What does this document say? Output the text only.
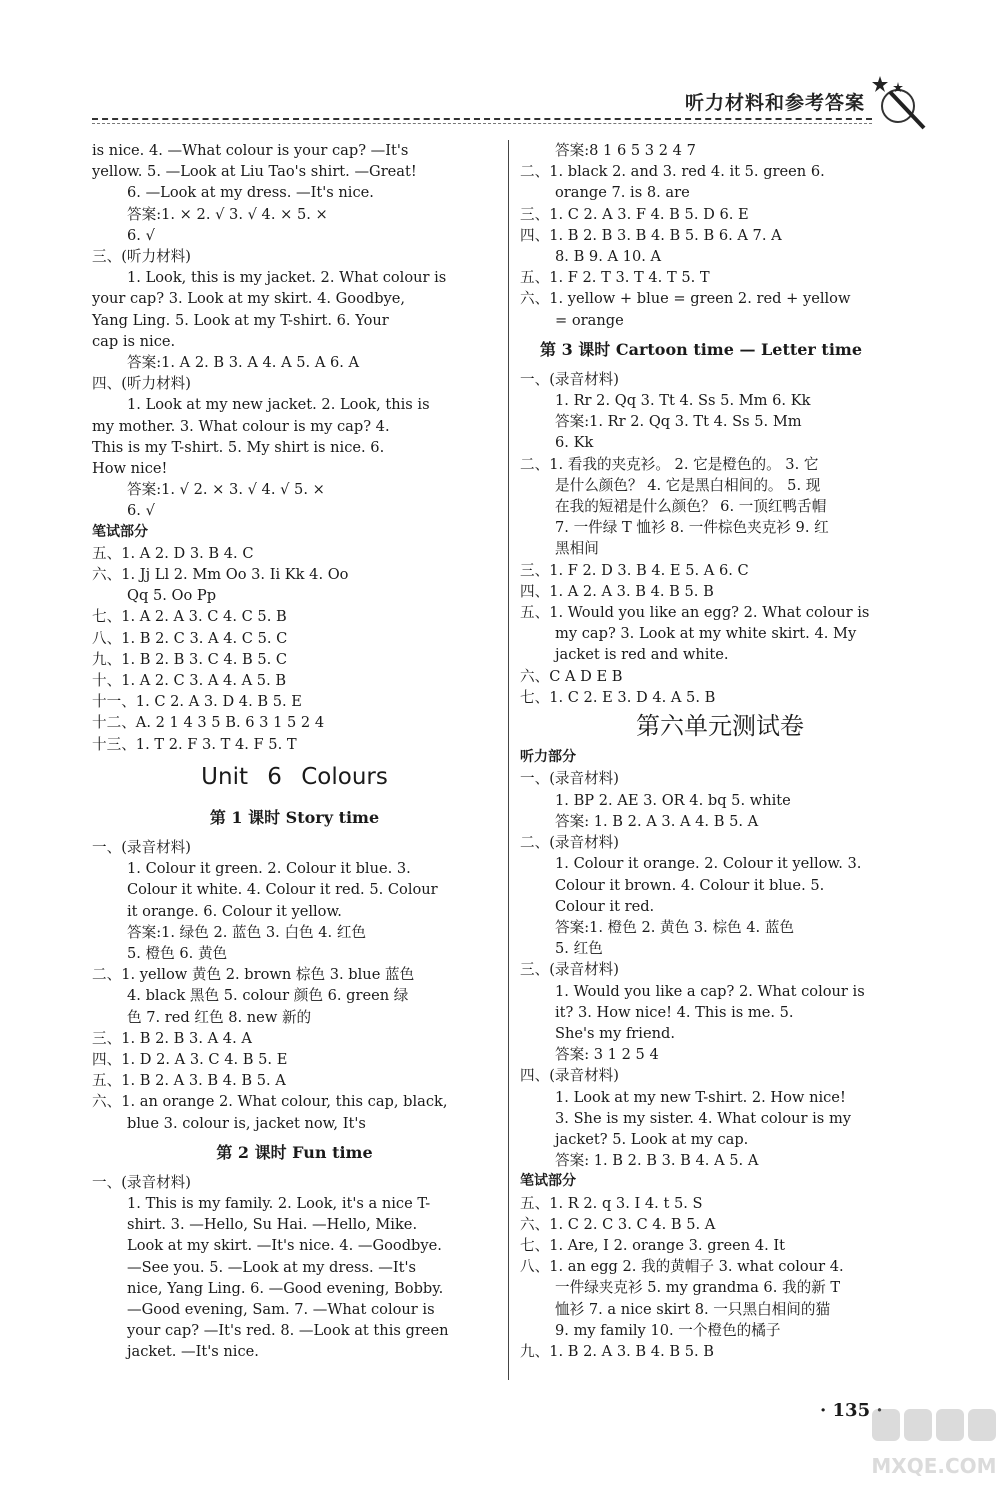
听力材料和参考答案
is nice. 4. —What colour is your cap? —It's
yellow. 5. —Look at Liu Tao's shirt. —Great!
6. —Look at my dress. —It's nice.
答案:1. × 2. √ 3. √ 4. × 5. ×
6. √
三、(听力材料)
1. Look, this is my jacket. 2. What colour is
your cap? 3. Look at my skirt. 4. Goodbye,
Yang Ling. 5. Look at my T-shirt. 6. Your
cap is nice.
答案:1. A 2. B 3. A 4. A 5. A 6. A
四、(听力材料)
1. Look at my new jacket. 2. Look, this is
my mother. 3. What colour is my cap? 4.
This is my T-shirt. 5. My shirt is nice. 6.
How nice!
答案:1. √ 2. × 3. √ 4. √ 5. ×
6. √
笔试部分
五、1. A 2. D 3. B 4. C
六、1. Jj Ll 2. Mm Oo 3. Ii Kk 4. Oo
Qq 5. Oo Pp
七、1. A 2. A 3. C 4. C 5. B
八、1. B 2. C 3. A 4. C 5. C
九、1. B 2. B 3. C 4. B 5. C
十、1. A 2. C 3. A 4. A 5. B
十一、1. C 2. A 3. D 4. B 5. E
十二、A. 2 1 4 3 5 B. 6 3 1 5 2 4
十三、1. T 2. F 3. T 4. F 5. T
Unit 6 Colours
第 1 课时 Story time
一、(录音材料)
1. Colour it green. 2. Colour it blue. 3.
Colour it white. 4. Colour it red. 5. Colour
it orange. 6. Colour it yellow.
答案:1. 绿色 2. 蓝色 3. 白色 4. 红色
5. 橙色 6. 黄色
二、1. yellow 黄色 2. brown 棕色 3. blue 蓝色
4. black 黑色 5. colour 颜色 6. green 绿
色 7. red 红色 8. new 新的
三、1. B 2. B 3. A 4. A
四、1. D 2. A 3. C 4. B 5. E
五、1. B 2. A 3. B 4. B 5. A
六、1. an orange 2. What colour, this cap, black,
blue 3. colour is, jacket now, It's
第 2 课时 Fun time
一、(录音材料)
1. This is my family. 2. Look, it's a nice T-
shirt. 3. —Hello, Su Hai. —Hello, Mike.
Look at my skirt. —It's nice. 4. —Goodbye.
—See you. 5. —Look at my dress. —It's
nice, Yang Ling. 6. —Good evening, Bobby.
—Good evening, Sam. 7. —What colour is
your cap? —It's red. 8. —Look at this green
jacket. —It's nice.
答案:8 1 6 5 3 2 4 7
二、1. black 2. and 3. red 4. it 5. green 6.
orange 7. is 8. are
三、1. C 2. A 3. F 4. B 5. D 6. E
四、1. B 2. B 3. B 4. B 5. B 6. A 7. A
8. B 9. A 10. A
五、1. F 2. T 3. T 4. T 5. T
六、1. yellow + blue = green 2. red + yellow
= orange
第 3 课时 Cartoon time — Letter time
一、(录音材料)
1. Rr 2. Qq 3. Tt 4. Ss 5. Mm 6. Kk
答案:1. Rr 2. Qq 3. Tt 4. Ss 5. Mm
6. Kk
二、1. 看我的夹克衫。 2. 它是橙色的。 3. 它
是什么颜色？ 4. 它是黑白相间的。 5. 现
在我的短裙是什么颜色？ 6. 一顶红鸭舌帽
7. 一件绿 T 恤衫 8. 一件棕色夹克衫 9. 红
黑相间
三、1. F 2. D 3. B 4. E 5. A 6. C
四、1. A 2. A 3. B 4. B 5. B
五、1. Would you like an egg? 2. What colour is
my cap? 3. Look at my white skirt. 4. My
jacket is red and white.
六、C A D E B
七、1. C 2. E 3. D 4. A 5. B
第六单元测试卷
听力部分
一、(录音材料)
1. BP 2. AE 3. OR 4. bq 5. white
答案: 1. B 2. A 3. A 4. B 5. A
二、(录音材料)
1. Colour it orange. 2. Colour it yellow. 3.
Colour it brown. 4. Colour it blue. 5.
Colour it red.
答案:1. 橙色 2. 黄色 3. 棕色 4. 蓝色
5. 红色
三、(录音材料)
1. Would you like a cap? 2. What colour is
it? 3. How nice! 4. This is me. 5.
She's my friend.
答案: 3 1 2 5 4
四、(录音材料)
1. Look at my new T-shirt. 2. How nice!
3. She is my sister. 4. What colour is my
jacket? 5. Look at my cap.
答案: 1. B 2. B 3. B 4. A 5. A
笔试部分
五、1. R 2. q 3. I 4. t 5. S
六、1. C 2. C 3. C 4. B 5. A
七、1. Are, I 2. orange 3. green 4. It
八、1. an egg 2. 我的黄帽子 3. what colour 4.
一件绿夹克衫 5. my grandma 6. 我的新 T
恤衫 7. a nice skirt 8. 一只黑白相间的猫
9. my family 10. 一个橙色的橘子
九、1. B 2. A 3. B 4. B 5. B
· 135 ·
MXQE.COM
